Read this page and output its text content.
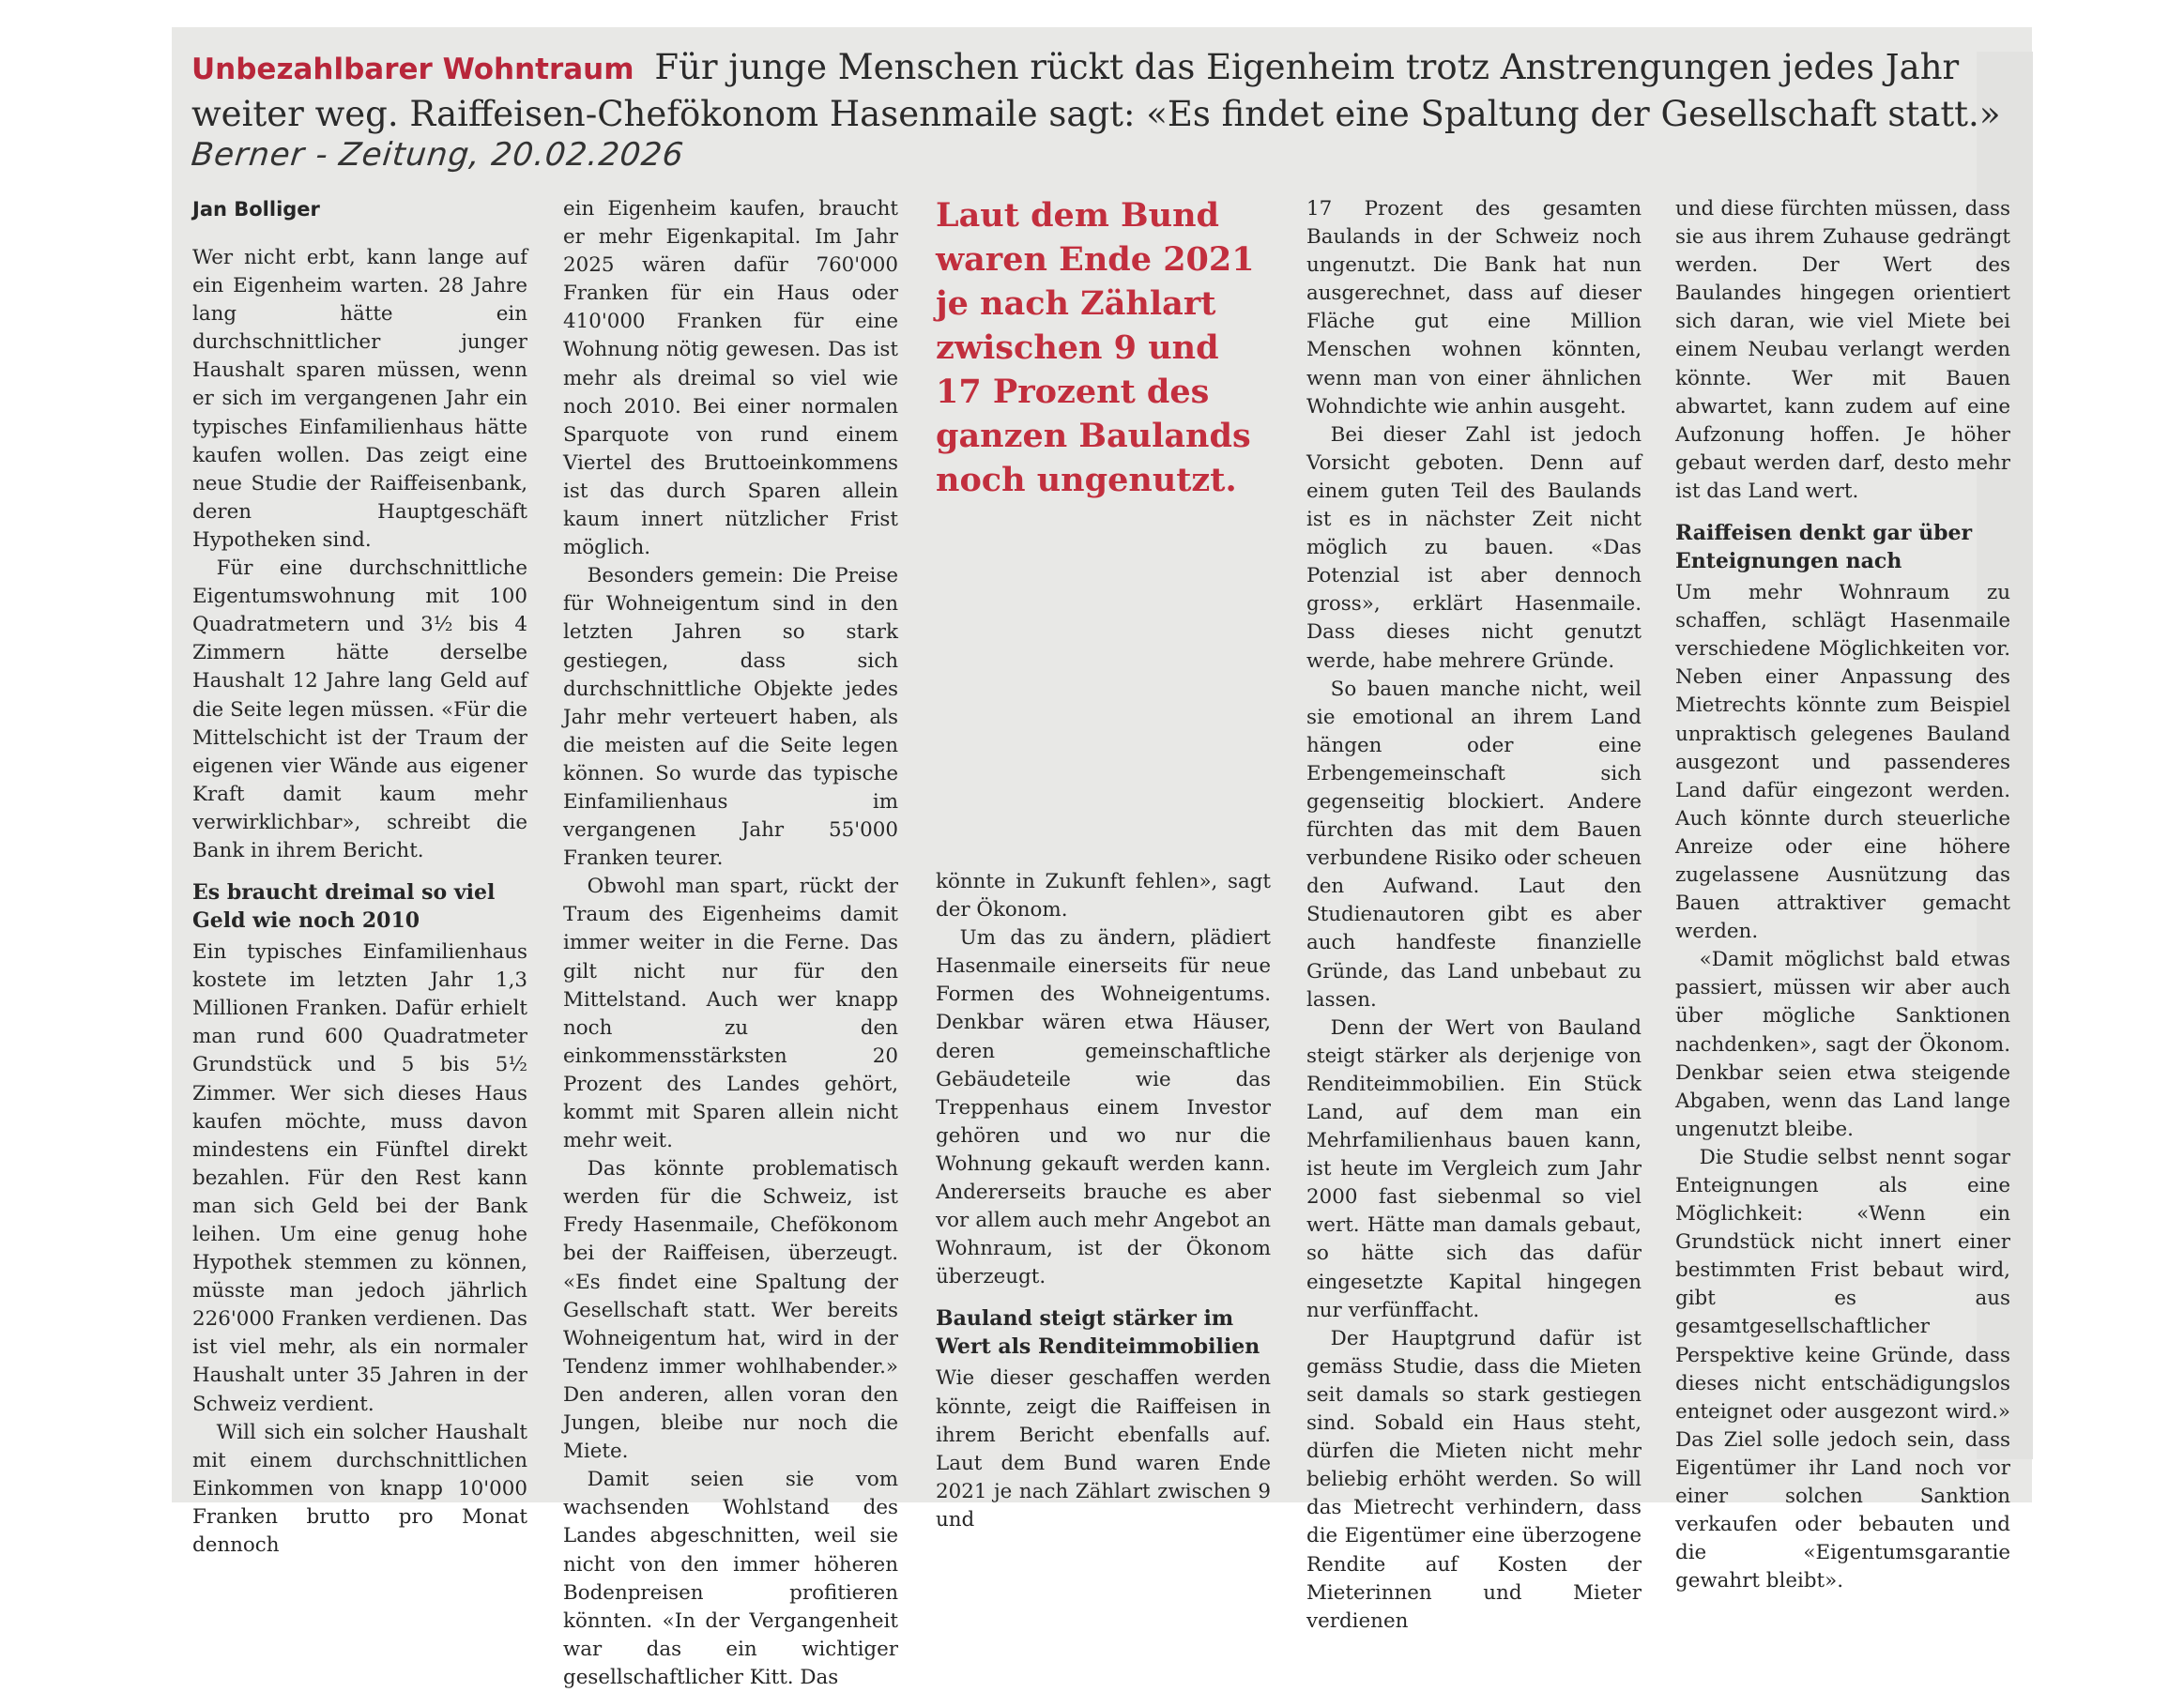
Unbezahlbarer Wohntraum Für junge Menschen rückt das Eigenheim trotz Anstrengungen jedes Jahr weiter weg. Raiffeisen-Chefökonom Hasenmaile sagt: «Es findet eine Spaltung der Gesellschaft statt.»
Berner - Zeitung, 20.02.2026
Jan Bolliger

Wer nicht erbt, kann lange auf ein Eigenheim warten. 28 Jahre lang hätte ein durchschnittlicher junger Haushalt sparen müssen, wenn er sich im vergangenen Jahr ein typisches Einfamilienhaus hätte kaufen wollen. Das zeigt eine neue Studie der Raiffeisenbank, deren Hauptgeschäft Hypotheken sind.

Für eine durchschnittliche Eigentumswohnung mit 100 Quadratmetern und 3½ bis 4 Zimmern hätte derselbe Haushalt 12 Jahre lang Geld auf die Seite legen müssen. «Für die Mittelschicht ist der Traum der eigenen vier Wände aus eigener Kraft damit kaum mehr verwirklichbar», schreibt die Bank in ihrem Bericht.

Es braucht dreimal so viel Geld wie noch 2010

Ein typisches Einfamilienhaus kostete im letzten Jahr 1,3 Millionen Franken. Dafür erhielt man rund 600 Quadratmeter Grundstück und 5 bis 5½ Zimmer. Wer sich dieses Haus kaufen möchte, muss davon mindestens ein Fünftel direkt bezahlen. Für den Rest kann man sich Geld bei der Bank leihen. Um eine genug hohe Hypothek stemmen zu können, müsste man jedoch jährlich 226'000 Franken verdienen. Das ist viel mehr, als ein normaler Haushalt unter 35 Jahren in der Schweiz verdient.

Will sich ein solcher Haushalt mit einem durchschnittlichen Einkommen von knapp 10'000 Franken brutto pro Monat dennoch

ein Eigenheim kaufen, braucht er mehr Eigenkapital. Im Jahr 2025 wären dafür 760'000 Franken für ein Haus oder 410'000 Franken für eine Wohnung nötig gewesen. Das ist mehr als dreimal so viel wie noch 2010. Bei einer normalen Sparquote von rund einem Viertel des Bruttoeinkommens ist das durch Sparen allein kaum innert nützlicher Frist möglich.

Besonders gemein: Die Preise für Wohneigentum sind in den letzten Jahren so stark gestiegen, dass sich durchschnittliche Objekte jedes Jahr mehr verteuert haben, als die meisten auf die Seite legen können. So wurde das typische Einfamilienhaus im vergangenen Jahr 55'000 Franken teurer.

Obwohl man spart, rückt der Traum des Eigenheims damit immer weiter in die Ferne. Das gilt nicht nur für den Mittelstand. Auch wer knapp noch zu den einkommensstärksten 20 Prozent des Landes gehört, kommt mit Sparen allein nicht mehr weit.

Das könnte problematisch werden für die Schweiz, ist Fredy Hasenmaile, Chefökonom bei der Raiffeisen, überzeugt. «Es findet eine Spaltung der Gesellschaft statt. Wer bereits Wohneigentum hat, wird in der Tendenz immer wohlhabender.» Den anderen, allen voran den Jungen, bleibe nur noch die Miete.

Damit seien sie vom wachsenden Wohlstand des Landes abgeschnitten, weil sie nicht von den immer höheren Bodenpreisen profitieren könnten. «In der Vergangenheit war das ein wichtiger gesellschaftlicher Kitt. Das

Laut dem Bund waren Ende 2021 je nach Zählart zwischen 9 und 17 Prozent des ganzen Baulands noch ungenutzt.

könnte in Zukunft fehlen», sagt der Ökonom.

Um das zu ändern, plädiert Hasenmaile einerseits für neue Formen des Wohneigentums. Denkbar wären etwa Häuser, deren gemeinschaftliche Gebäudeteile wie das Treppenhaus einem Investor gehören und wo nur die Wohnung gekauft werden kann. Andererseits brauche es aber vor allem auch mehr Angebot an Wohnraum, ist der Ökonom überzeugt.

Bauland steigt stärker im Wert als Renditeimmobilien

Wie dieser geschaffen werden könnte, zeigt die Raiffeisen in ihrem Bericht ebenfalls auf. Laut dem Bund waren Ende 2021 je nach Zählart zwischen 9 und

17 Prozent des gesamten Baulands in der Schweiz noch ungenutzt. Die Bank hat nun ausgerechnet, dass auf dieser Fläche gut eine Million Menschen wohnen könnten, wenn man von einer ähnlichen Wohndichte wie anhin ausgeht.

Bei dieser Zahl ist jedoch Vorsicht geboten. Denn auf einem guten Teil des Baulands ist es in nächster Zeit nicht möglich zu bauen. «Das Potenzial ist aber dennoch gross», erklärt Hasenmaile. Dass dieses nicht genutzt werde, habe mehrere Gründe.

So bauen manche nicht, weil sie emotional an ihrem Land hängen oder eine Erbengemeinschaft sich gegenseitig blockiert. Andere fürchten das mit dem Bauen verbundene Risiko oder scheuen den Aufwand. Laut den Studienautoren gibt es aber auch handfeste finanzielle Gründe, das Land unbebaut zu lassen.

Denn der Wert von Bauland steigt stärker als derjenige von Renditeimmobilien. Ein Stück Land, auf dem man ein Mehrfamilienhaus bauen kann, ist heute im Vergleich zum Jahr 2000 fast siebenmal so viel wert. Hätte man damals gebaut, so hätte sich das dafür eingesetzte Kapital hingegen nur verfünffacht.

Der Hauptgrund dafür ist gemäss Studie, dass die Mieten seit damals so stark gestiegen sind. Sobald ein Haus steht, dürfen die Mieten nicht mehr beliebig erhöht werden. So will das Mietrecht verhindern, dass die Eigentümer eine überzogene Rendite auf Kosten der Mieterinnen und Mieter verdienen

und diese fürchten müssen, dass sie aus ihrem Zuhause gedrängt werden. Der Wert des Baulandes hingegen orientiert sich daran, wie viel Miete bei einem Neubau verlangt werden könnte. Wer mit Bauen abwartet, kann zudem auf eine Aufzonung hoffen. Je höher gebaut werden darf, desto mehr ist das Land wert.

Raiffeisen denkt gar über Enteignungen nach

Um mehr Wohnraum zu schaffen, schlägt Hasenmaile verschiedene Möglichkeiten vor. Neben einer Anpassung des Mietrechts könnte zum Beispiel unpraktisch gelegenes Bauland ausgezont und passenderes Land dafür eingezont werden. Auch könnte durch steuerliche Anreize oder eine höhere zugelassene Ausnützung das Bauen attraktiver gemacht werden.

«Damit möglichst bald etwas passiert, müssen wir aber auch über mögliche Sanktionen nachdenken», sagt der Ökonom. Denkbar seien etwa steigende Abgaben, wenn das Land lange ungenutzt bleibe.

Die Studie selbst nennt sogar Enteignungen als eine Möglichkeit: «Wenn ein Grundstück nicht innert einer bestimmten Frist bebaut wird, gibt es aus gesamtgesellschaftlicher Perspektive keine Gründe, dass dieses nicht entschädigungslos enteignet oder ausgezont wird.» Das Ziel solle jedoch sein, dass Eigentümer ihr Land noch vor einer solchen Sanktion verkaufen oder bebauten und die «Eigentumsgarantie gewahrt bleibt».
